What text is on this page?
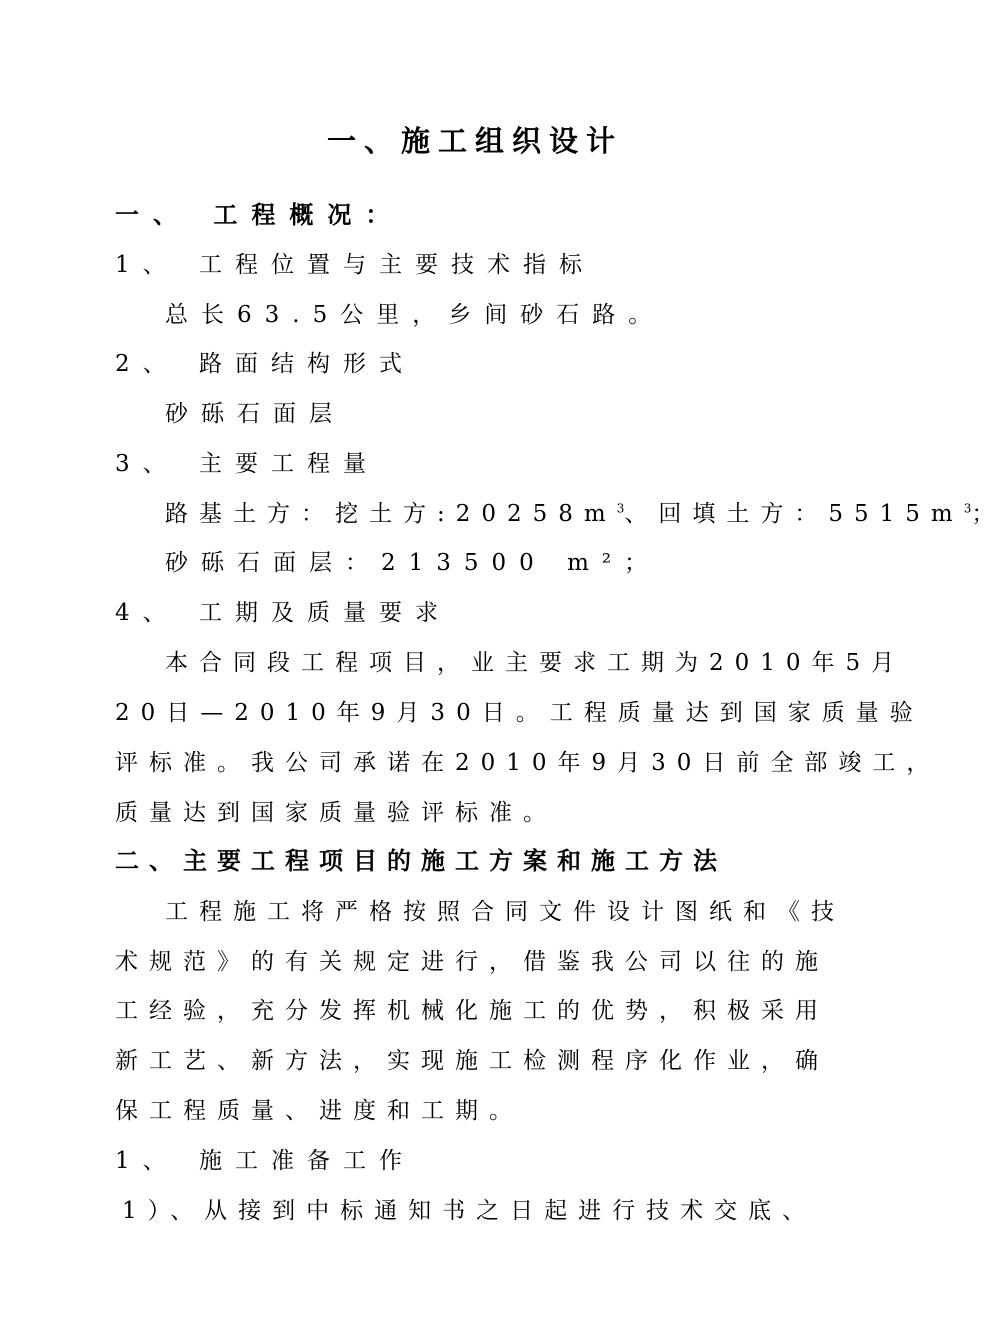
一、施工组织设计
一、 工程概况：
1、 工程位置与主要技术指标
总长63.5公里，乡间砂石路。
2、 路面结构形式
砂砾石面层
3、 主要工程量
路基土方：挖土方$:20258m^3$、回填土方：$5515m^3$；
砂砾石面层：213500 m²；
4、 工期及质量要求
本合同段工程项目，业主要求工期为2010年5月
20日—2010年9月30日。工程质量达到国家质量验
评标准。我公司承诺在2010年9月30日前全部竣工，
质量达到国家质量验评标准。
二、主要工程项目的施工方案和施工方法
工程施工将严格按照合同文件设计图纸和《技
术规范》的有关规定进行，借鉴我公司以往的施
工经验，充分发挥机械化施工的优势，积极采用
新工艺、新方法，实现施工检测程序化作业，确
保工程质量、进度和工期。
1、 施工准备工作
1）、从接到中标通知书之日起进行技术交底、
